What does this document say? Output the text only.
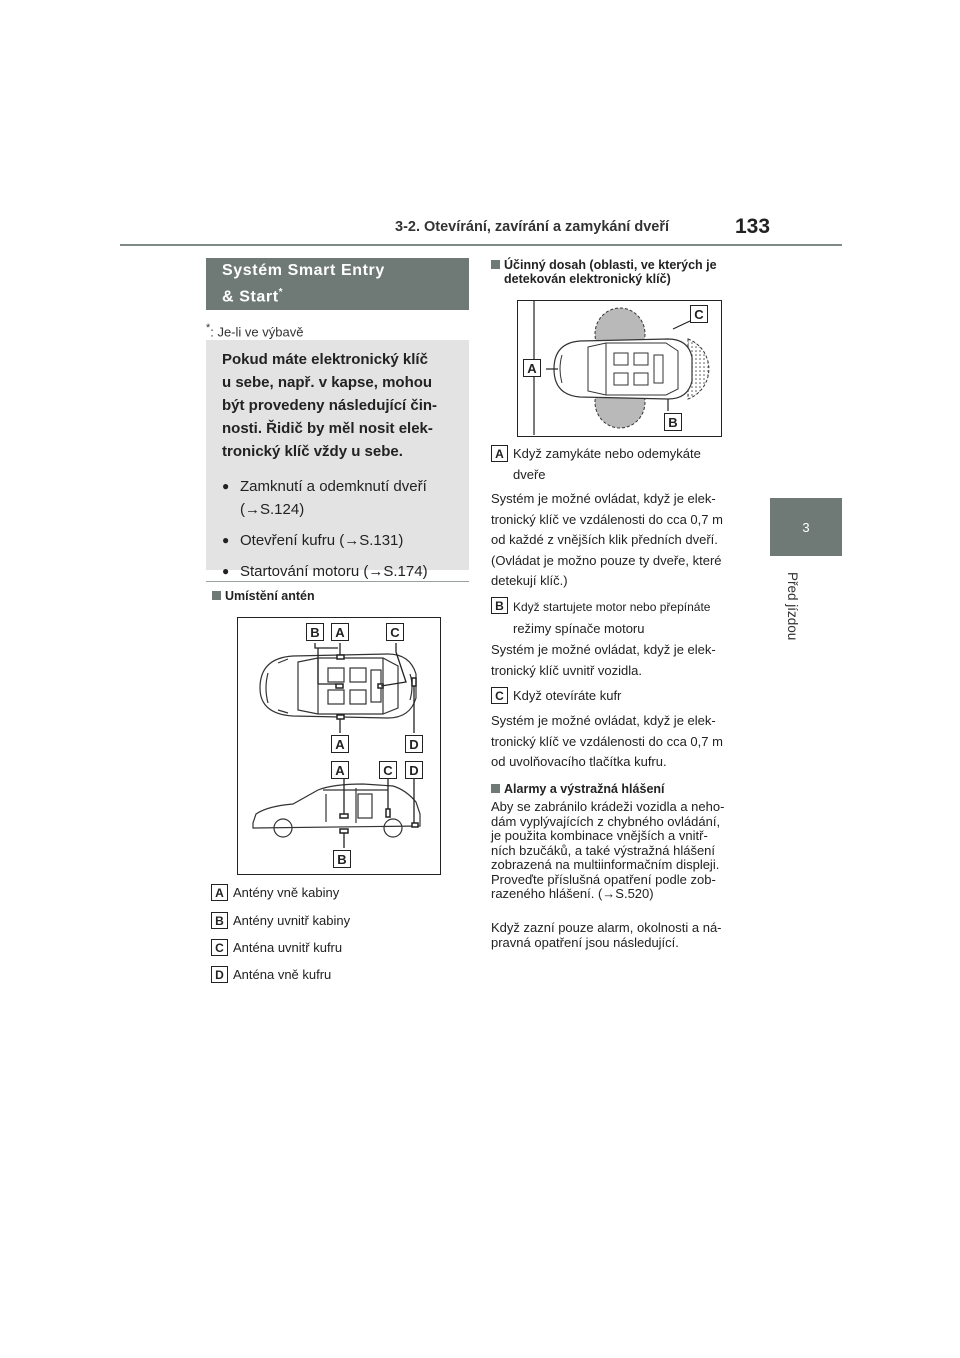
3-2. Otevírání, zavírání a zamykání dveří	133
3
Před jízdou
Systém Smart Entry
& Start*
*: Je-li ve výbavě

Pokud máte elektronický klíč
u sebe, např. v kapse, mohou
být provedeny následující čin-
nosti. Řidič by měl nosit elek-
tronický klíč vždy u sebe.

● Zamknutí a odemknutí dveří
(→S.124)
● Otevření kufru (→S.131)
● Startování motoru (→S.174)
Umístění antén
B	A	C
A	D
A	C	D
B
A Antény vně kabiny
B Antény uvnitř kabiny
C Anténa uvnitř kufru
D Anténa vně kufru
Účinný dosah (oblasti, ve kterých je
detekován elektronický klíč)
C
A
B
A Když zamykáte nebo odemykáte
dveře
Systém je možné ovládat, když je elek-
tronický klíč ve vzdálenosti do cca 0,7 m
od každé z vnějších klik předních dveří.
(Ovládat je možno pouze ty dveře, které
detekují klíč.)
B Když startujete motor nebo přepínáte
režimy spínače motoru
Systém je možné ovládat, když je elek-
tronický klíč uvnitř vozidla.
C Když otevíráte kufr
Systém je možné ovládat, když je elek-
tronický klíč ve vzdálenosti do cca 0,7 m
od uvolňovacího tlačítka kufru.
Alarmy a výstražná hlášení
Aby se zabránilo krádeži vozidla a neho-
dám vyplývajících z chybného ovládání,
je použita kombinace vnějších a vnitř-
ních bzučáků, a také výstražná hlášení
zobrazená na multiinformačním displeji.
Proveďte příslušná opatření podle zob-
razeného hlášení. (→S.520)
Když zazní pouze alarm, okolnosti a ná-
pravná opatření jsou následující.
